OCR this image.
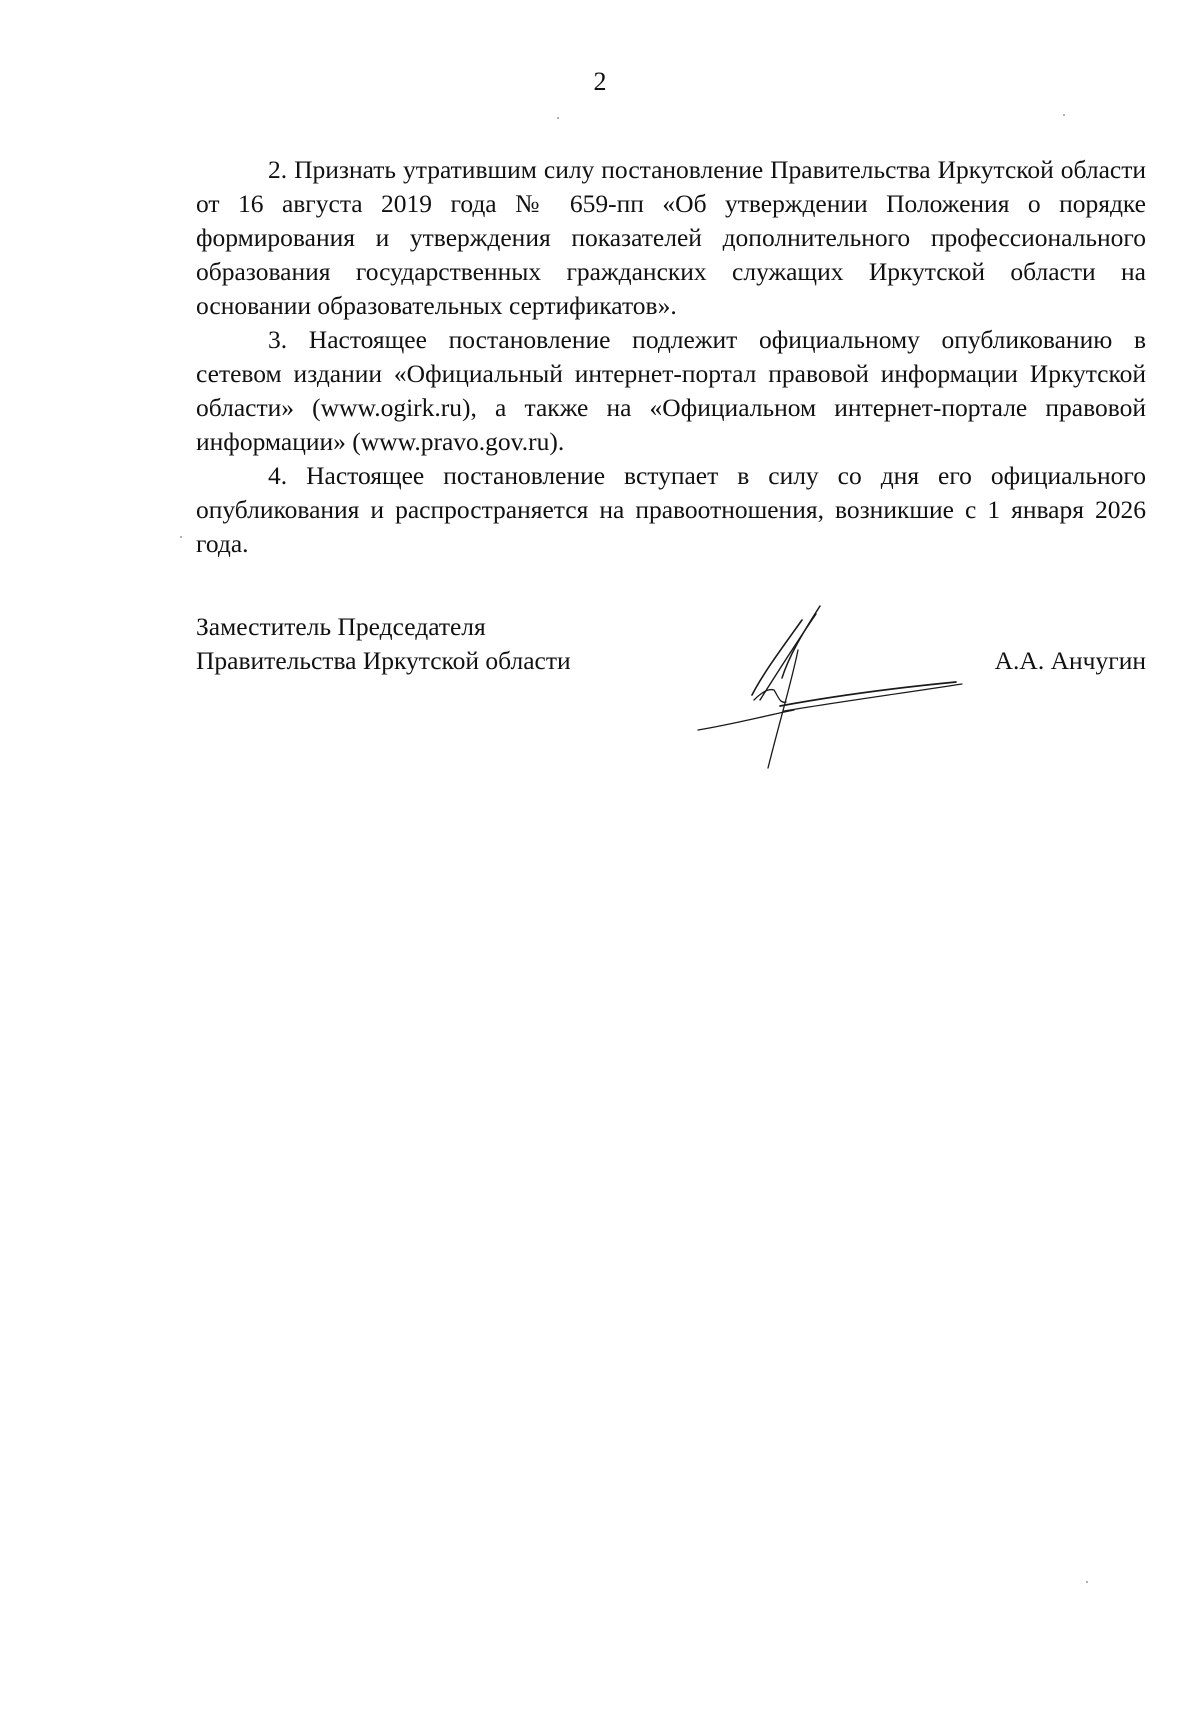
2

2. Признать утратившим силу постановление Правительства Иркутской области от 16 августа 2019 года № 659-пп «Об утверждении Положения о порядке формирования и утверждения показателей дополнительного профессионального образования государственных гражданских служащих Иркутской области на основании образовательных сертификатов».

3. Настоящее постановление подлежит официальному опубликованию в сетевом издании «Официальный интернет-портал правовой информации Иркутской области» (www.ogirk.ru), а также на «Официальном интернет-портале правовой информации» (www.pravo.gov.ru).

4. Настоящее постановление вступает в силу со дня его официального опубликования и распространяется на правоотношения, возникшие с 1 января 2026 года.

Заместитель Председателя
Правительства Иркутской области	А.А. Анчугин
